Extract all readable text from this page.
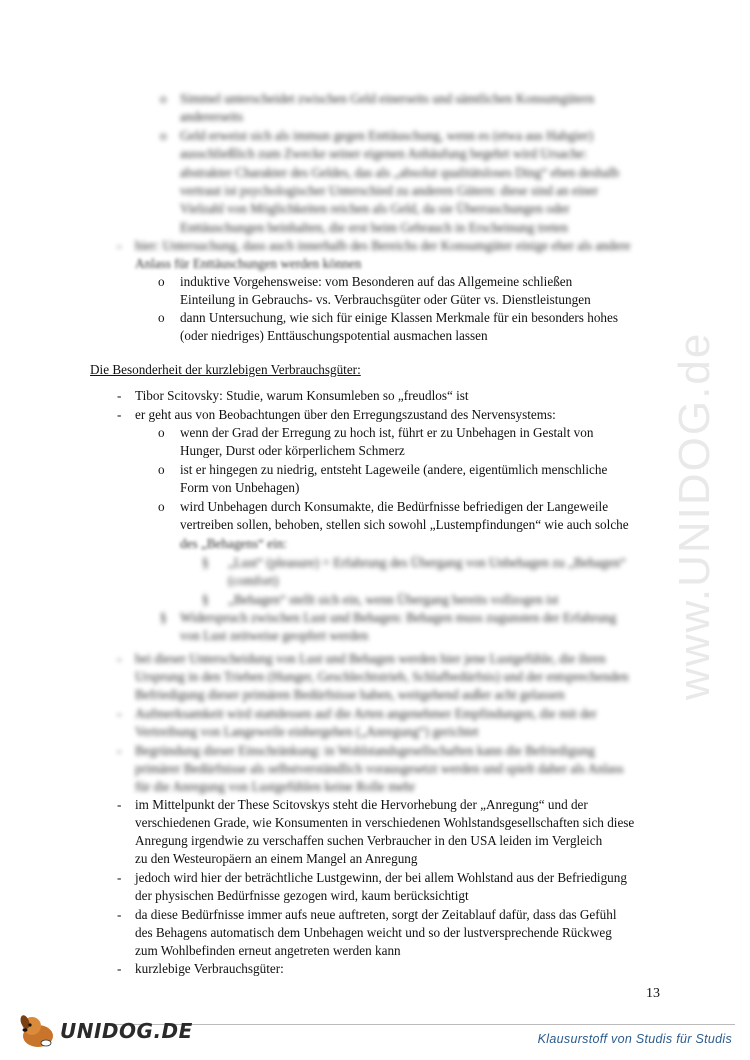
www.UNIDOG.de
o Simmel unterscheidet zwischen Geld einerseits und sämtlichen Konsumgütern
andererseits
o Geld erweist sich als immun gegen Enttäuschung, wenn es (etwa aus Habgier)
ausschließlich zum Zwecke seiner eigenen Anhäufung begehrt wird Ursache:
abstrakter Charakter des Geldes, das als „absolut qualitätsloses Ding“ eben deshalb
vertraut ist psychologischer Unterschied zu anderen Gütern: diese sind an einer
Vielzahl von Möglichkeiten reichen als Geld, da sie Überraschungen oder
Enttäuschungen beinhalten, die erst beim Gebrauch in Erscheinung treten
- hier: Untersuchung, dass auch innerhalb des Bereichs der Konsumgüter einige eher als andere
Anlass für Enttäuschungen werden können
o induktive Vorgehensweise: vom Besonderen auf das Allgemeine schließen
Einteilung in Gebrauchs- vs. Verbrauchsgüter oder Güter vs. Dienstleistungen
o dann Untersuchung, wie sich für einige Klassen Merkmale für ein besonders hohes
(oder niedriges) Enttäuschungspotential ausmachen lassen
Die Besonderheit der kurzlebigen Verbrauchsgüter:
- Tibor Scitovsky: Studie, warum Konsumleben so „freudlos“ ist
- er geht aus von Beobachtungen über den Erregungszustand des Nervensystems:
o wenn der Grad der Erregung zu hoch ist, führt er zu Unbehagen in Gestalt von
Hunger, Durst oder körperlichem Schmerz
o ist er hingegen zu niedrig, entsteht Lageweile (andere, eigentümlich menschliche
Form von Unbehagen)
o wird Unbehagen durch Konsumakte, die Bedürfnisse befriedigen der Langeweile
vertreiben sollen, behoben, stellen sich sowohl „Lustempfindungen“ wie auch solche
des „Behagens“ ein:
§ „Lust“ (pleasure) = Erfahrung des Übergang von Unbehagen zu „Behagen“
(comfort)
§ „Behagen“ stellt sich ein, wenn Übergang bereits vollzogen ist
§ Widerspruch zwischen Lust und Behagen: Behagen muss zugunsten der Erfahrung
von Lust zeitweise geopfert werden
- bei dieser Unterscheidung von Lust und Behagen werden hier jene Lustgefühle, die ihren
Ursprung in den Trieben (Hunger, Geschlechtstrieb, Schlafbedürfnis) und der entsprechenden
Befriedigung dieser primären Bedürfnisse haben, weitgehend außer acht gelassen
- Aufmerksamkeit wird stattdessen auf die Arten angenehmer Empfindungen, die mit der
Vertreibung von Langeweile einhergehen („Anregung“) gerichtet
- Begründung dieser Einschränkung: in Wohlstandsgesellschaften kann die Befriedigung
primärer Bedürfnisse als selbstverständlich vorausgesetzt werden und spielt daher als Anlass
für die Anregung von Lustgefühlen keine Rolle mehr
- im Mittelpunkt der These Scitovskys steht die Hervorhebung der „Anregung“ und der
verschiedenen Grade, wie Konsumenten in verschiedenen Wohlstandsgesellschaften sich diese
Anregung irgendwie zu verschaffen suchen Verbraucher in den USA leiden im Vergleich
zu den Westeuropäern an einem Mangel an Anregung
- jedoch wird hier der beträchtliche Lustgewinn, der bei allem Wohlstand aus der Befriedigung
der physischen Bedürfnisse gezogen wird, kaum berücksichtigt
- da diese Bedürfnisse immer aufs neue auftreten, sorgt der Zeitablauf dafür, dass das Gefühl
des Behagens automatisch dem Unbehagen weicht und so der lustversprechende Rückweg
zum Wohlbefinden erneut angetreten werden kann
- kurzlebige Verbrauchsgüter:
13
UNIDOG.DE	Klausurstoff von Studis für Studis
